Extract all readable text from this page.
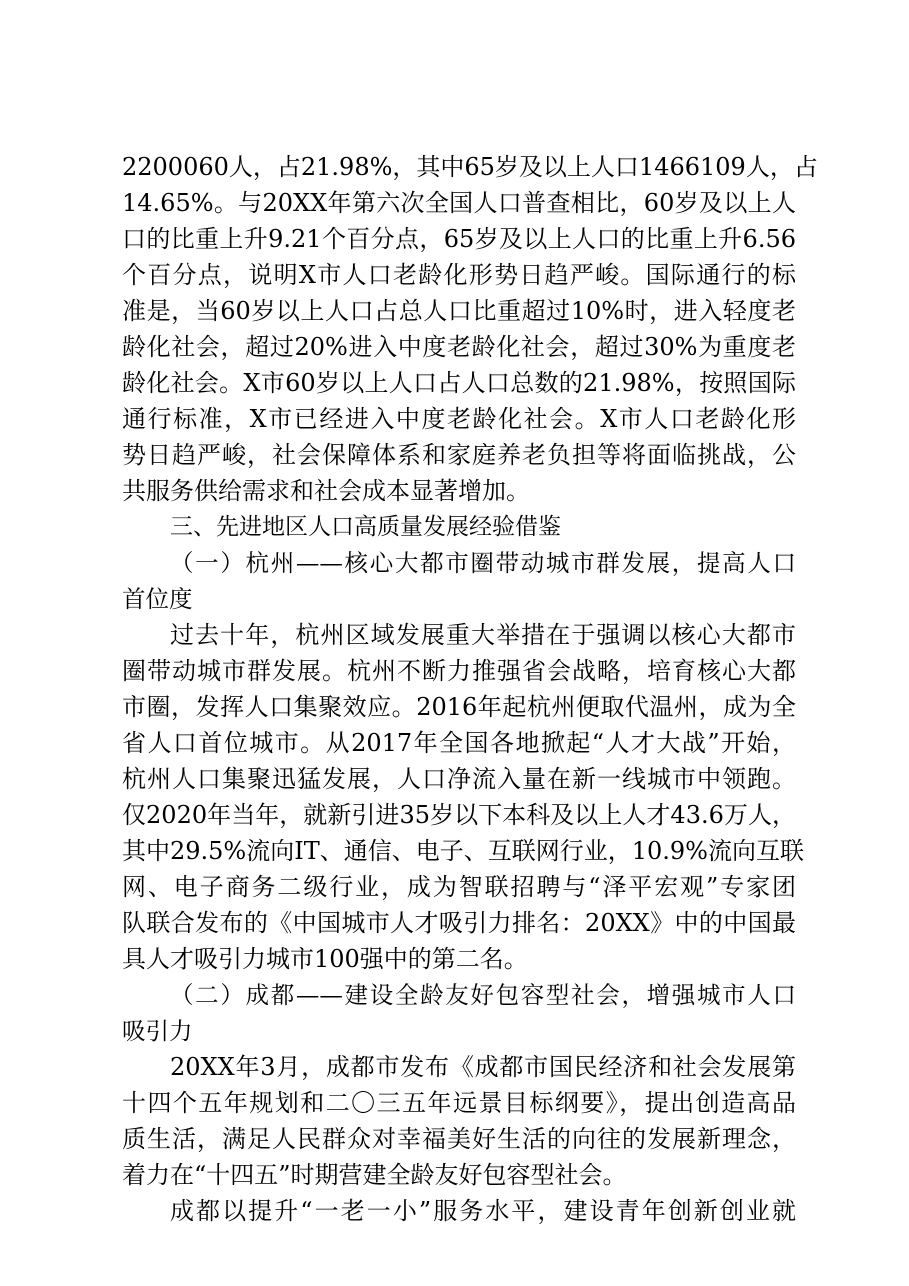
2200060人，占21.98%，其中65岁及以上人口1466109人，占
14.65%。与20XX年第六次全国人口普查相比，60岁及以上人
口的比重上升9.21个百分点，65岁及以上人口的比重上升6.56
个百分点，说明X市人口老龄化形势日趋严峻。国际通行的标
准是，当60岁以上人口占总人口比重超过10%时，进入轻度老
龄化社会，超过20%进入中度老龄化社会，超过30%为重度老
龄化社会。X市60岁以上人口占人口总数的21.98%，按照国际
通行标准，X市已经进入中度老龄化社会。X市人口老龄化形
势日趋严峻，社会保障体系和家庭养老负担等将面临挑战，公
共服务供给需求和社会成本显著增加。
三、先进地区人口高质量发展经验借鉴
（一）杭州——核心大都市圈带动城市群发展，提高人口
首位度
过去十年，杭州区域发展重大举措在于强调以核心大都市
圈带动城市群发展。杭州不断力推强省会战略，培育核心大都
市圈，发挥人口集聚效应。2016年起杭州便取代温州，成为全
省人口首位城市。从2017年全国各地掀起“人才大战”开始，
杭州人口集聚迅猛发展，人口净流入量在新一线城市中领跑。
仅2020年当年，就新引进35岁以下本科及以上人才43.6万人，
其中29.5%流向IT、通信、电子、互联网行业，10.9%流向互联
网、电子商务二级行业，成为智联招聘与“泽平宏观”专家团
队联合发布的《中国城市人才吸引力排名：20XX》中的中国最
具人才吸引力城市100强中的第二名。
（二）成都——建设全龄友好包容型社会，增强城市人口
吸引力
20XX年3月，成都市发布《成都市国民经济和社会发展第
十四个五年规划和二〇三五年远景目标纲要》，提出创造高品
质生活，满足人民群众对幸福美好生活的向往的发展新理念，
着力在“十四五”时期营建全龄友好包容型社会。
成都以提升“一老一小”服务水平，建设青年创新创业就
